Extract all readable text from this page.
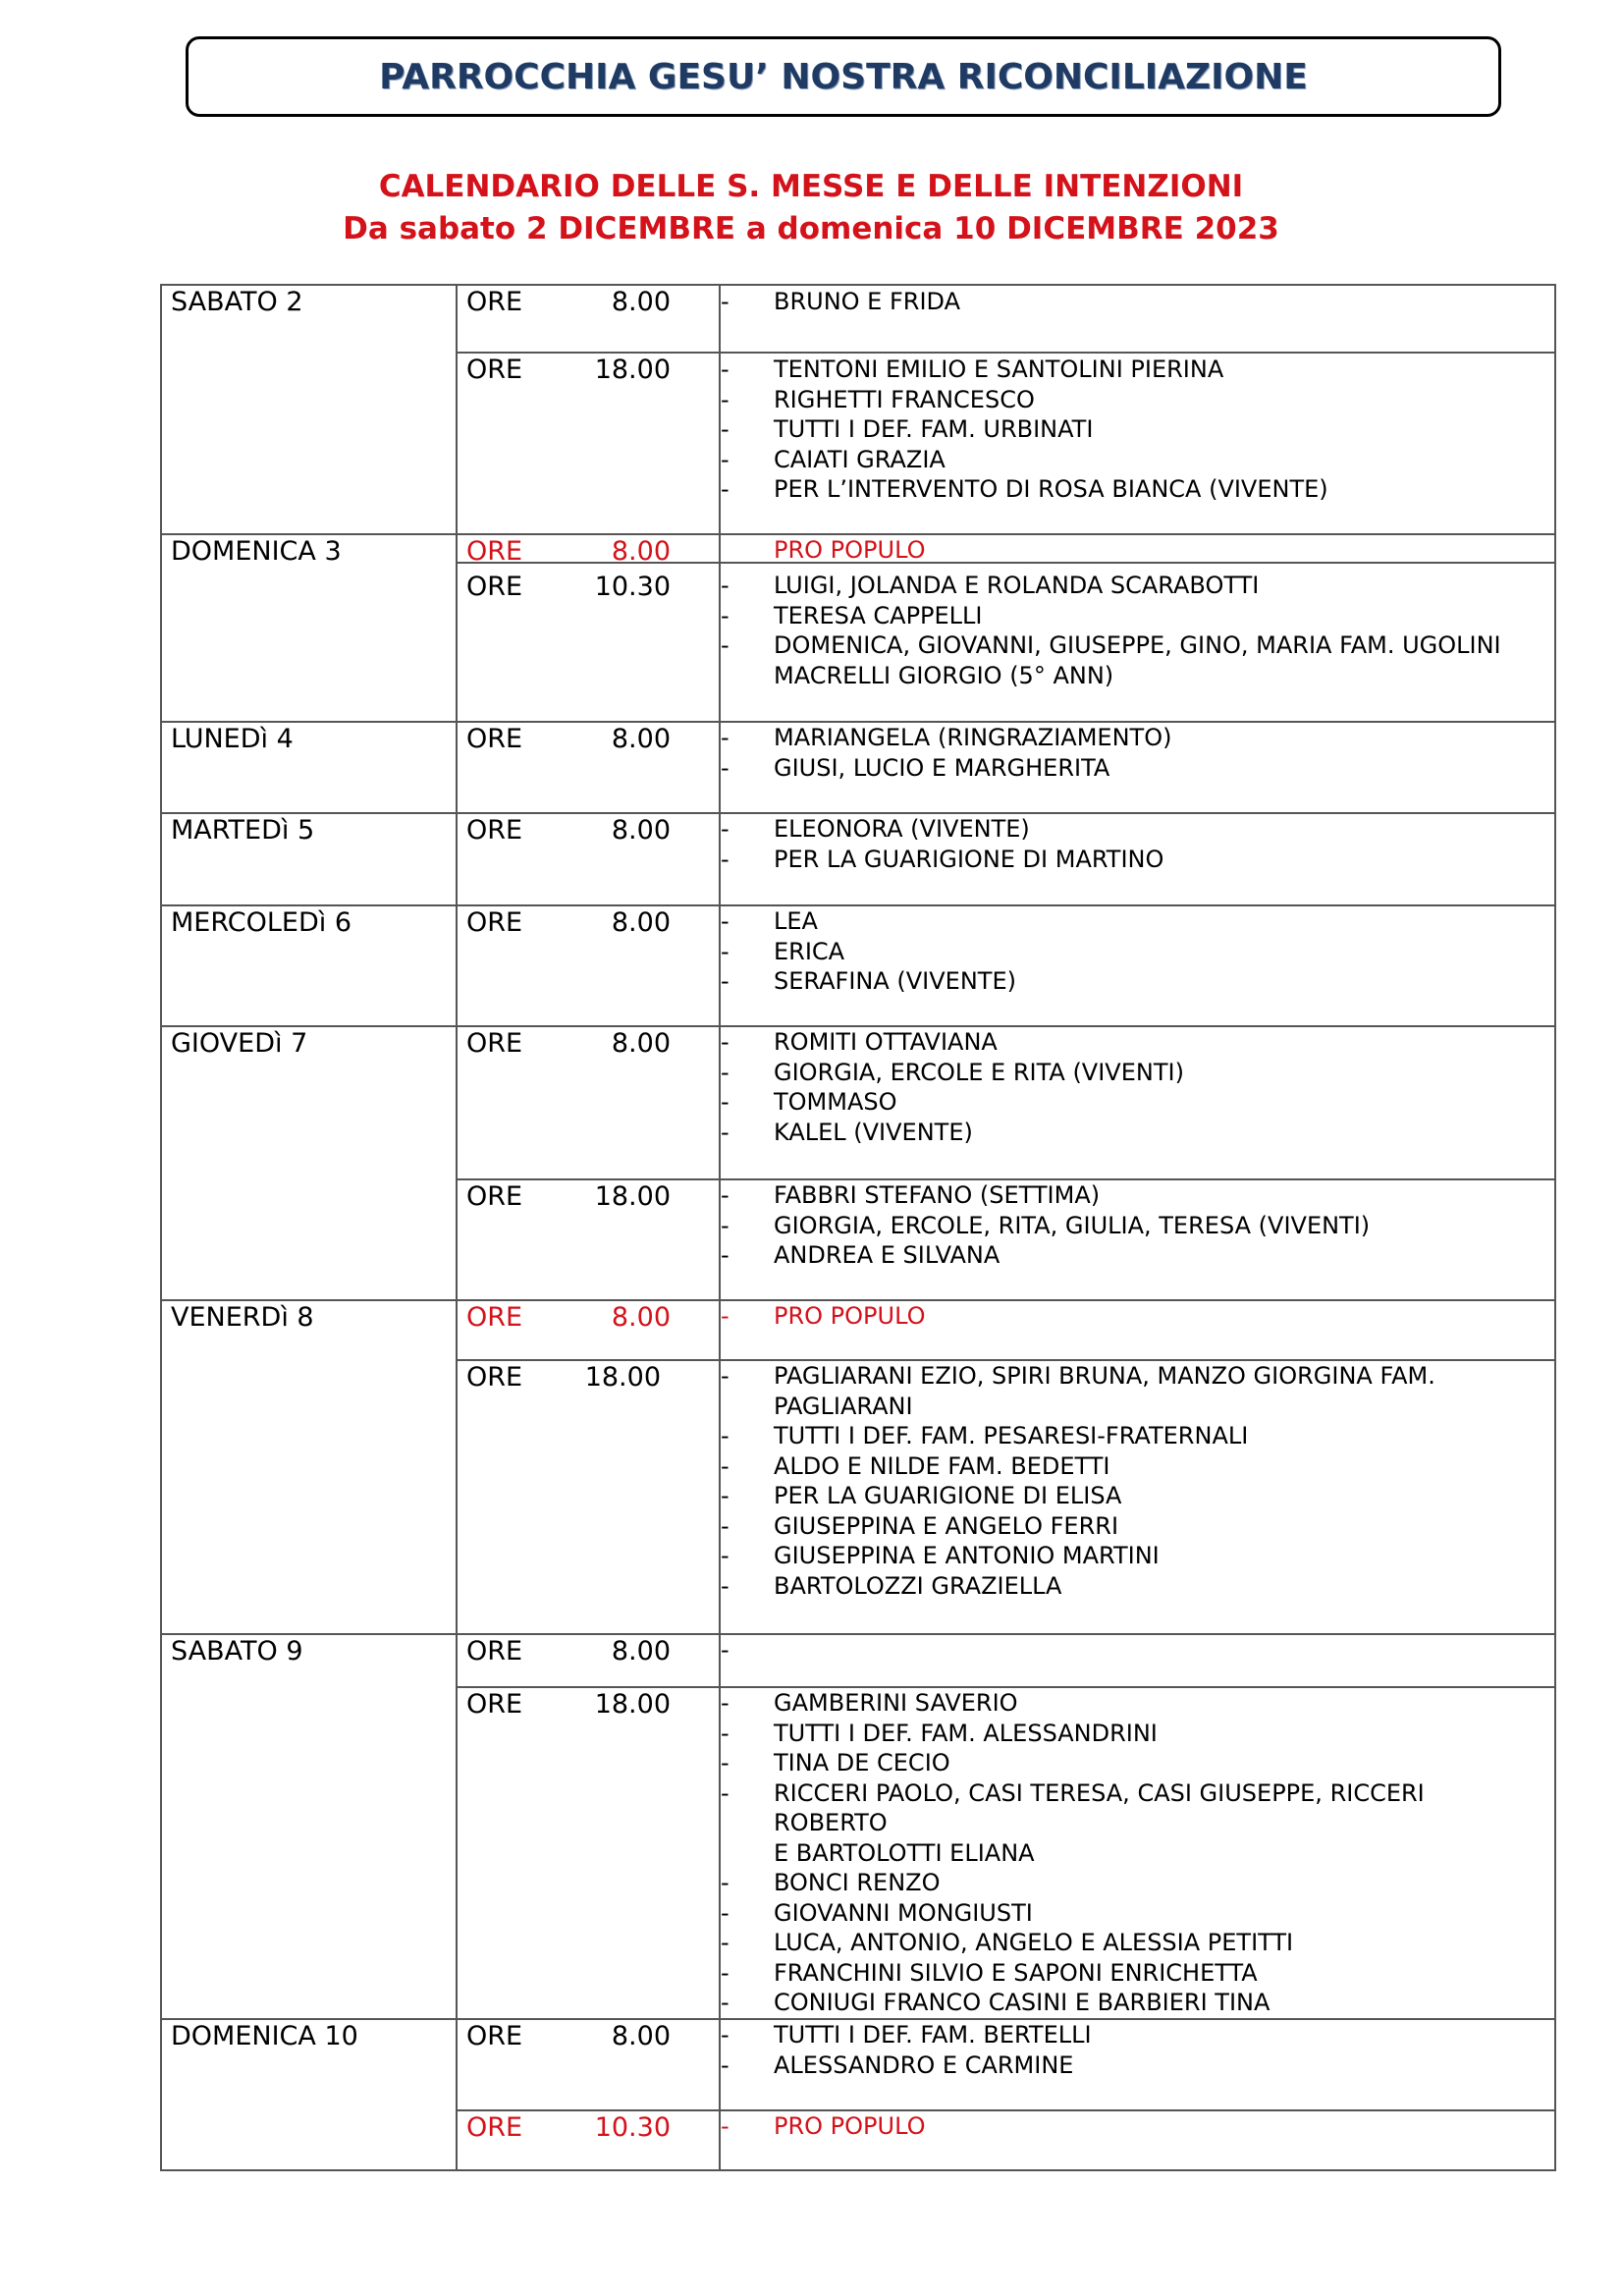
PARROCCHIA GESU’ NOSTRA RICONCILIAZIONE
CALENDARIO DELLE S. MESSE E DELLE INTENZIONI
Da sabato 2 DICEMBRE a domenica 10 DICEMBRE 2023
SABATO 2	ORE	8.00 -	BRUNO E FRIDA
ORE	18.00 -	TENTONI EMILIO E SANTOLINI PIERINA
-	RIGHETTI FRANCESCO
-	TUTTI I DEF. FAM. URBINATI
-	CAIATI GRAZIA
-	PER L’INTERVENTO DI ROSA BIANCA (VIVENTE)
DOMENICA 3	ORE	8.00	PRO POPULO
ORE	10.30 -	LUIGI, JOLANDA E ROLANDA SCARABOTTI
-	TERESA CAPPELLI
-	DOMENICA, GIOVANNI, GIUSEPPE, GINO, MARIA FAM. UGOLINI
MACRELLI GIORGIO (5° ANN)
LUNEDì 4	ORE	8.00 -	MARIANGELA (RINGRAZIAMENTO)
-	GIUSI, LUCIO E MARGHERITA
MARTEDì 5	ORE	8.00 -	ELEONORA (VIVENTE)
-	PER LA GUARIGIONE DI MARTINO
MERCOLEDì 6	ORE	8.00 -	LEA
-	ERICA
-	SERAFINA (VIVENTE)
GIOVEDì 7	ORE	8.00 -	ROMITI OTTAVIANA
-	GIORGIA, ERCOLE E RITA (VIVENTI)
-	TOMMASO
-	KALEL (VIVENTE)
ORE	18.00 -	FABBRI STEFANO (SETTIMA)
-	GIORGIA, ERCOLE, RITA, GIULIA, TERESA (VIVENTI)
-	ANDREA E SILVANA
VENERDì 8	ORE	8.00 -	PRO POPULO
ORE	18.00	-	PAGLIARANI EZIO, SPIRI BRUNA, MANZO GIORGINA FAM.
PAGLIARANI
-	TUTTI I DEF. FAM. PESARESI-FRATERNALI
-	ALDO E NILDE FAM. BEDETTI
-	PER LA GUARIGIONE DI ELISA
-	GIUSEPPINA E ANGELO FERRI
-	GIUSEPPINA E ANTONIO MARTINI
-	BARTOLOZZI GRAZIELLA
SABATO 9	ORE	8.00 -
ORE	18.00 -	GAMBERINI SAVERIO
-	TUTTI I DEF. FAM. ALESSANDRINI
-	TINA DE CECIO
-	RICCERI PAOLO, CASI TERESA, CASI GIUSEPPE, RICCERI ROBERTO
E BARTOLOTTI ELIANA
-	BONCI RENZO
-	GIOVANNI MONGIUSTI
-	LUCA, ANTONIO, ANGELO E ALESSIA PETITTI
-	FRANCHINI SILVIO E SAPONI ENRICHETTA
-	CONIUGI FRANCO CASINI E BARBIERI TINA
DOMENICA 10	ORE	8.00 -	TUTTI I DEF. FAM. BERTELLI
-	ALESSANDRO E CARMINE
ORE	10.30 -	PRO POPULO
